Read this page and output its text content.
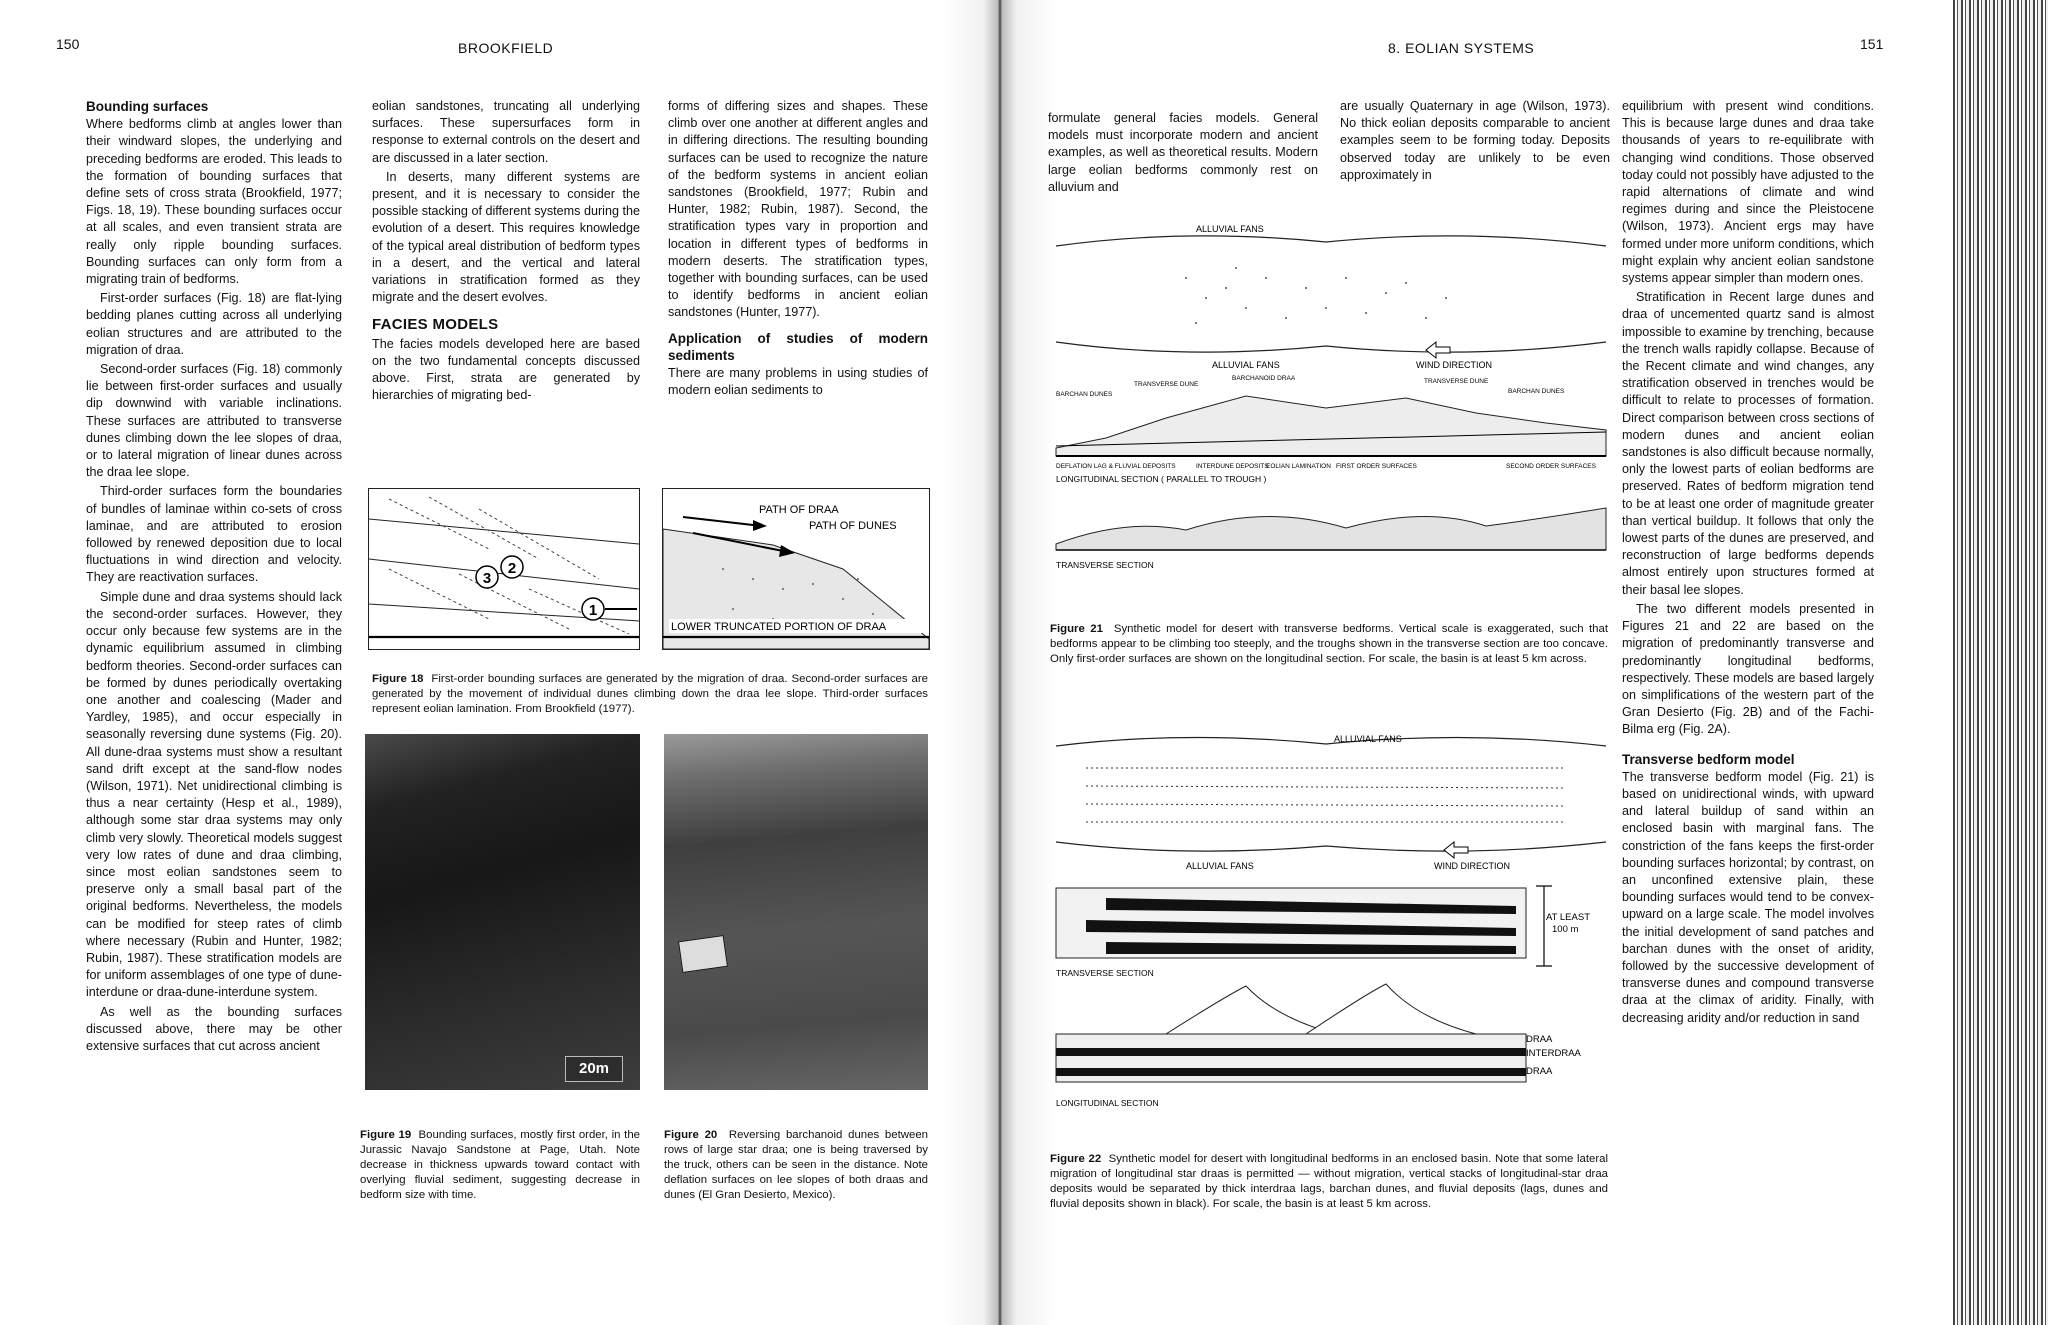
150	BROOKFIELD
Bounding surfaces

Where bedforms climb at angles lower than their windward slopes, the underlying and preceding bedforms are eroded. This leads to the formation of bounding surfaces that define sets of cross strata (Brookfield, 1977; Figs. 18, 19). These bounding surfaces occur at all scales, and even transient strata are really only ripple bounding surfaces. Bounding surfaces can only form from a migrating train of bedforms.

First-order surfaces (Fig. 18) are flat-lying bedding planes cutting across all underlying eolian structures and are attributed to the migration of draa.

Second-order surfaces (Fig. 18) commonly lie between first-order surfaces and usually dip downwind with variable inclinations. These surfaces are attributed to transverse dunes climbing down the lee slopes of draa, or to lateral migration of linear dunes across the draa lee slope.

Third-order surfaces form the boundaries of bundles of laminae within co-sets of cross laminae, and are attributed to erosion followed by renewed deposition due to local fluctuations in wind direction and velocity. They are reactivation surfaces.

Simple dune and draa systems should lack the second-order surfaces. However, they occur only because few systems are in the dynamic equilibrium assumed in climbing bedform theories. Second-order surfaces can be formed by dunes periodically overtaking one another and coalescing (Mader and Yardley, 1985), and occur especially in seasonally reversing dune systems (Fig. 20). All dune-draa systems must show a resultant sand drift except at the sand-flow nodes (Wilson, 1971). Net unidirectional climbing is thus a near certainty (Hesp et al., 1989), although some star draa systems may only climb very slowly. Theoretical models suggest very low rates of dune and draa climbing, since most eolian sandstones seem to preserve only a small basal part of the original bedforms. Nevertheless, the models can be modified for steep rates of climb where necessary (Rubin and Hunter, 1982; Rubin, 1987). These stratification models are for uniform assemblages of one type of dune-interdune or draa-dune-interdune system.

As well as the bounding surfaces discussed above, there may be other extensive surfaces that cut across ancient

eolian sandstones, truncating all underlying surfaces. These supersurfaces form in response to external controls on the desert and are discussed in a later section.

In deserts, many different systems are present, and it is necessary to consider the possible stacking of different systems during the evolution of a desert. This requires knowledge of the typical areal distribution of bedform types in a desert, and the vertical and lateral variations in stratification formed as they migrate and the desert evolves.

FACIES MODELS

The facies models developed here are based on the two fundamental concepts discussed above. First, strata are generated by hierarchies of migrating bed-

forms of differing sizes and shapes. These climb over one another at different angles and in differing directions. The resulting bounding surfaces can be used to recognize the nature of the bedform systems in ancient eolian sandstones (Brookfield, 1977; Rubin and Hunter, 1982; Rubin, 1987). Second, the stratification types vary in proportion and location in different types of bedforms in modern deserts. The stratification types, together with bounding surfaces, can be used to identify bedforms in ancient eolian sandstones (Hunter, 1977).

Application of studies of modern sediments

There are many problems in using studies of modern eolian sediments to

3
2
1
PATH OF DRAA
PATH OF DUNES
LOWER TRUNCATED PORTION OF DRAA
Figure 18 First-order bounding surfaces are generated by the migration of draa. Second-order surfaces are generated by the movement of individual dunes climbing down the draa lee slope. Third-order surfaces represent eolian lamination. From Brookfield (1977).
20m
Figure 19 Bounding surfaces, mostly first order, in the Jurassic Navajo Sandstone at Page, Utah. Note decrease in thickness upwards toward contact with overlying fluvial sediment, suggesting decrease in bedform size with time.
Figure 20 Reversing barchanoid dunes between rows of large star draa; one is being traversed by the truck, others can be seen in the distance. Note deflation surfaces on lee slopes of both draas and dunes (El Gran Desierto, Mexico).
8. EOLIAN SYSTEMS	151

formulate general facies models. General models must incorporate modern and ancient examples, as well as theoretical results. Modern large eolian bedforms commonly rest on alluvium and

are usually Quaternary in age (Wilson, 1973). No thick eolian deposits comparable to ancient examples seem to be forming today. Deposits observed today are unlikely to be even approximately in

ALLUVIAL FANS
ALLUVIAL FANS	WIND DIRECTION
TRANSVERSE DUNE
BARCHANOID DRAA	TRANSVERSE DUNE
BARCHAN DUNES
BARCHAN DUNES
DEFLATION LAG & FLUVIAL DEPOSITS	INTERDUNE DEPOSITS
EOLIAN LAMINATION FIRST ORDER SURFACES	SECOND ORDER SURFACES
LONGITUDINAL SECTION ( PARALLEL TO TROUGH )
TRANSVERSE SECTION
Figure 21 Synthetic model for desert with transverse bedforms. Vertical scale is exaggerated, such that bedforms appear to be climbing too steeply, and the troughs shown in the transverse section are too concave. Only first-order surfaces are shown on the longitudinal section. For scale, the basin is at least 5 km across.
ALLUVIAL FANS
ALLUVIAL FANS	WIND DIRECTION
AT LEAST
100 m
TRANSVERSE SECTION
DRAA
INTERDRAA
DRAA
LONGITUDINAL SECTION
Figure 22 Synthetic model for desert with longitudinal bedforms in an enclosed basin. Note that some lateral migration of longitudinal star draas is permitted — without migration, vertical stacks of longitudinal-star draa deposits would be separated by thick interdraa lags, barchan dunes, and fluvial deposits (lags, dunes and fluvial deposits shown in black). For scale, the basin is at least 5 km across.

equilibrium with present wind conditions. This is because large dunes and draa take thousands of years to re-equilibrate with changing wind conditions. Those observed today could not possibly have adjusted to the rapid alternations of climate and wind regimes during and since the Pleistocene (Wilson, 1973). Ancient ergs may have formed under more uniform conditions, which might explain why ancient eolian sandstone systems appear simpler than modern ones.

Stratification in Recent large dunes and draa of uncemented quartz sand is almost impossible to examine by trenching, because the trench walls rapidly collapse. Because of the Recent climate and wind changes, any stratification observed in trenches would be difficult to relate to processes of formation. Direct comparison between cross sections of modern dunes and ancient eolian sandstones is also difficult because normally, only the lowest parts of eolian bedforms are preserved. Rates of bedform migration tend to be at least one order of magnitude greater than vertical buildup. It follows that only the lowest parts of the dunes are preserved, and reconstruction of large bedforms depends almost entirely upon structures formed at their basal lee slopes.

The two different models presented in Figures 21 and 22 are based on the migration of predominantly transverse and predominantly longitudinal bedforms, respectively. These models are based largely on simplifications of the western part of the Gran Desierto (Fig. 2B) and of the Fachi-Bilma erg (Fig. 2A).

Transverse bedform model

The transverse bedform model (Fig. 21) is based on unidirectional winds, with upward and lateral buildup of sand within an enclosed basin with marginal fans. The constriction of the fans keeps the first-order bounding surfaces horizontal; by contrast, on an unconfined extensive plain, these bounding surfaces would tend to be convex-upward on a large scale. The model involves the initial development of sand patches and barchan dunes with the onset of aridity, followed by the successive development of transverse dunes and compound transverse draa at the climax of aridity. Finally, with decreasing aridity and/or reduction in sand
